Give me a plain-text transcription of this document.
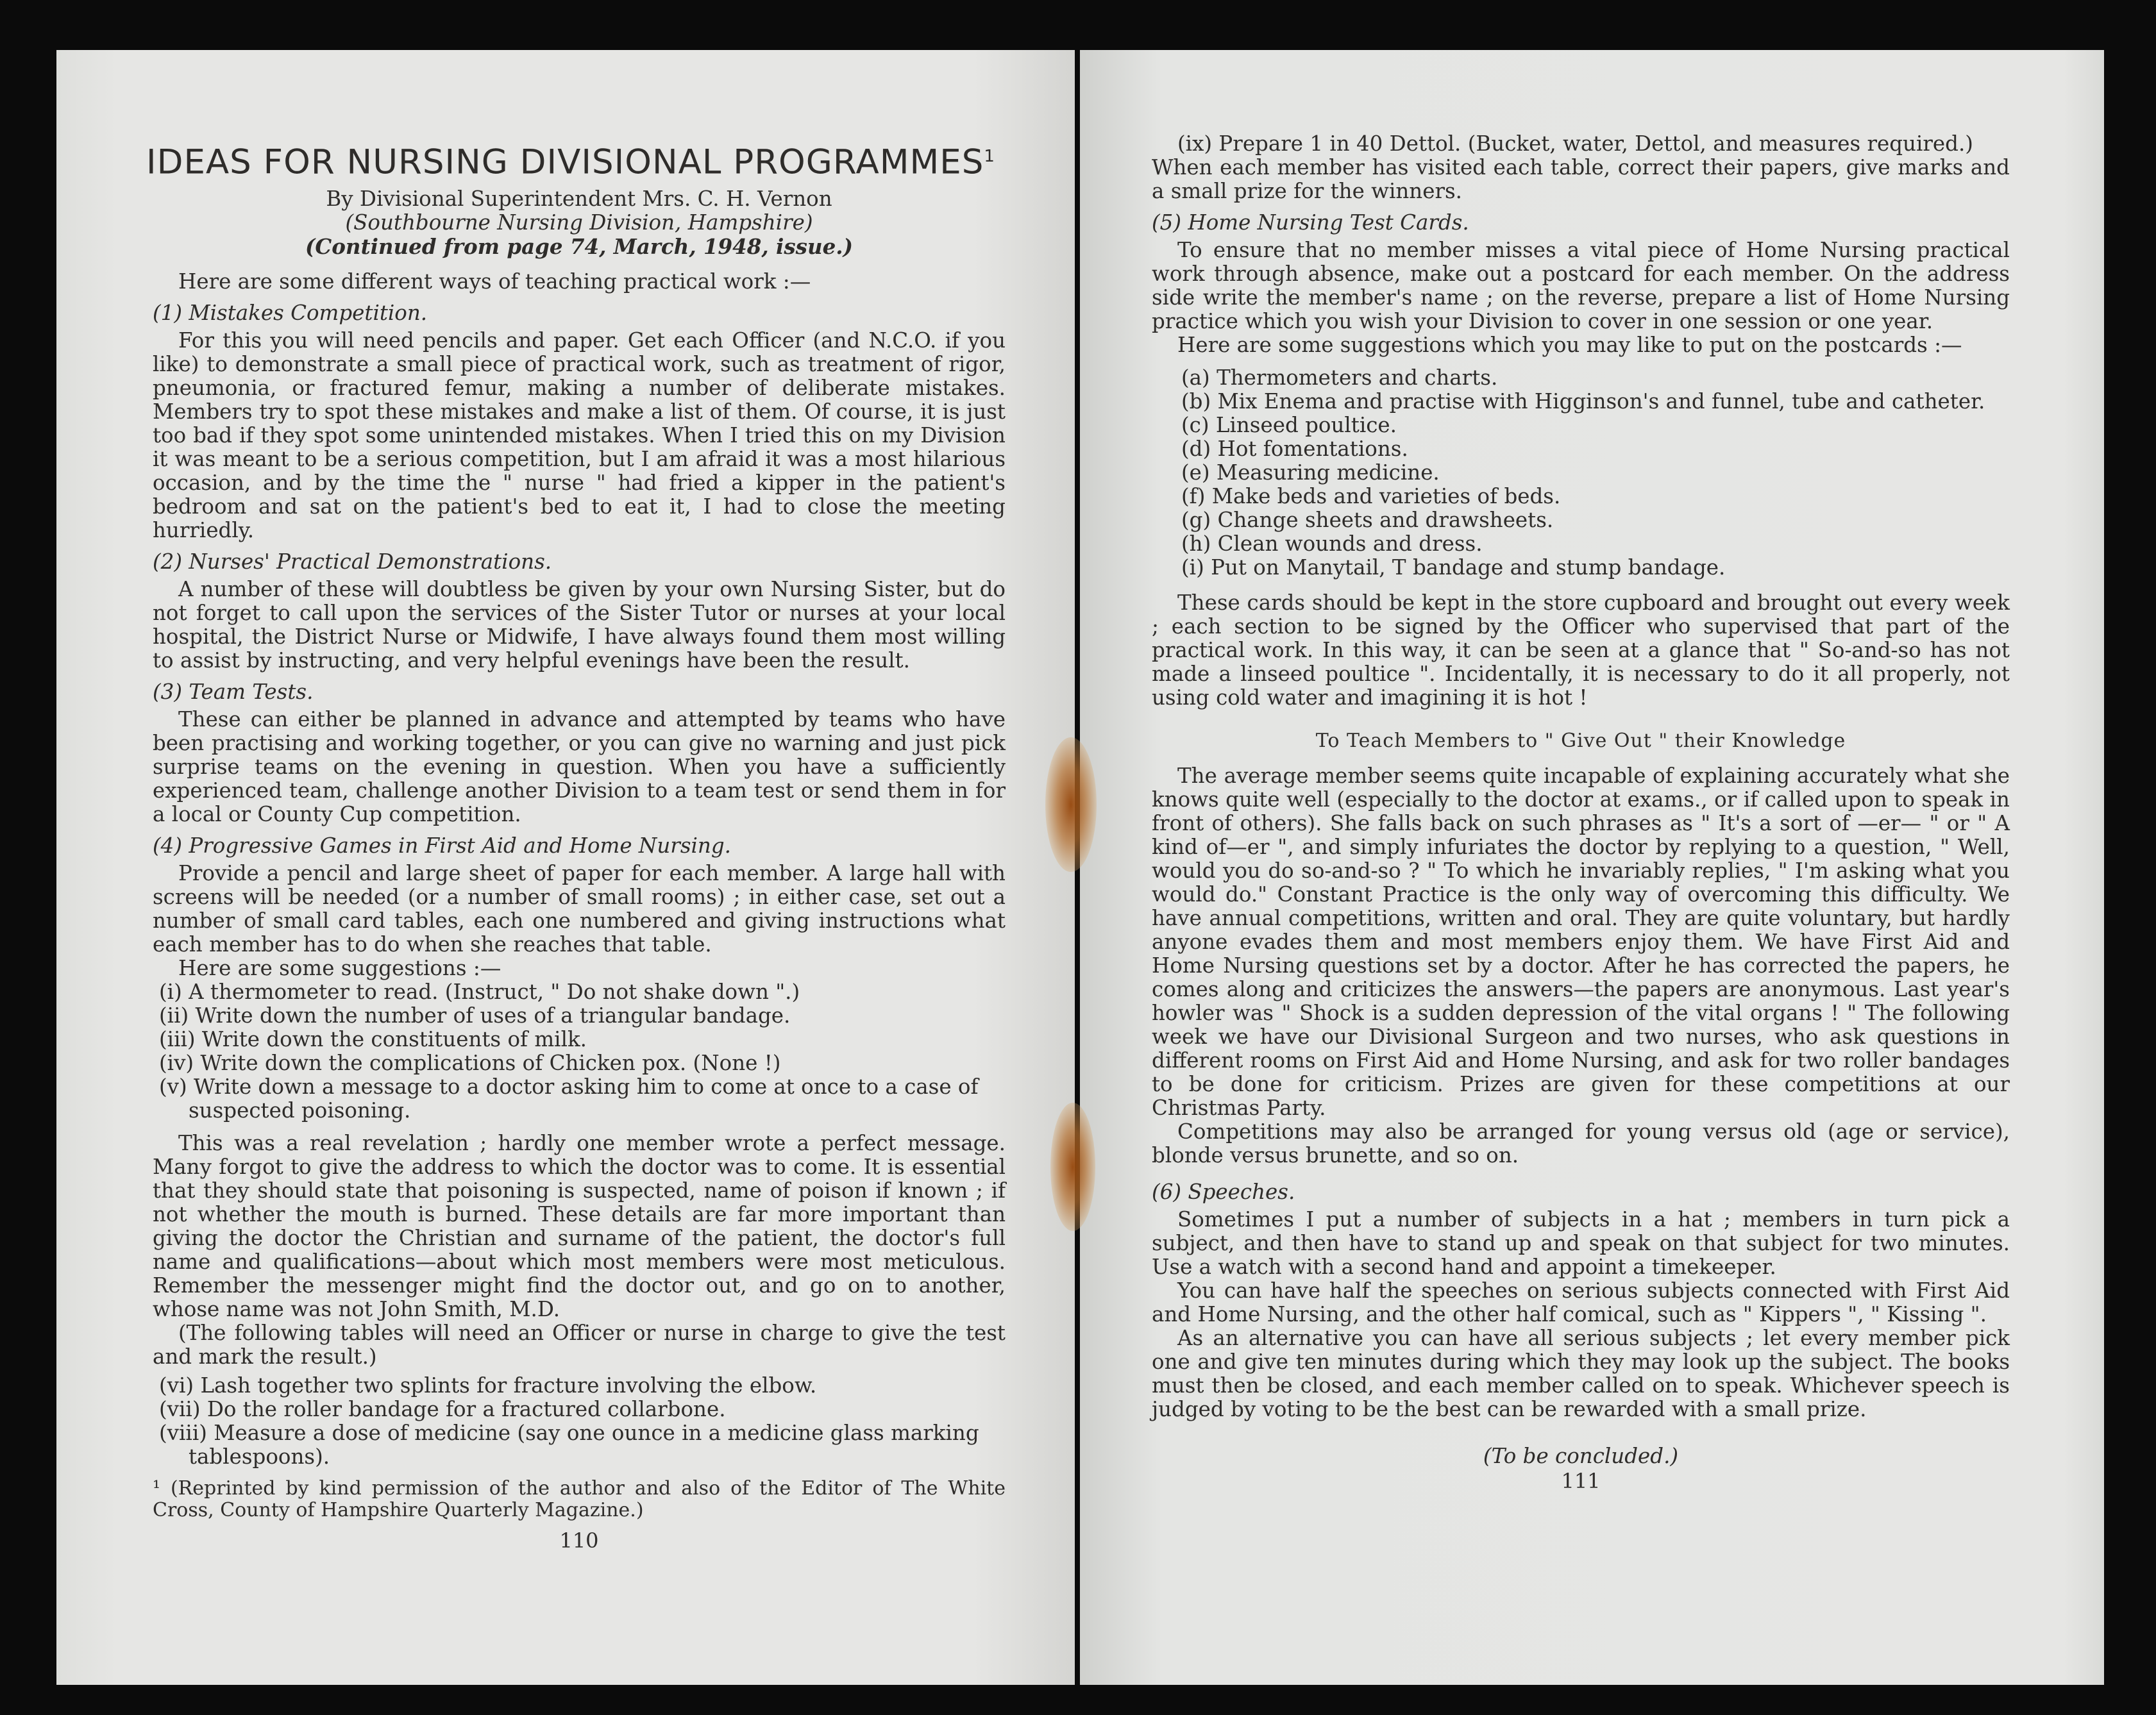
IDEAS FOR NURSING DIVISIONAL PROGRAMMES$^1$

By Divisional Superintendent Mrs. C. H. Vernon

(Southbourne Nursing Division, Hampshire)

(Continued from page 74, March, 1948, issue.)

Here are some different ways of teaching practical work :—

(1) Mistakes Competition.

For this you will need pencils and paper. Get each Officer (and N.C.O. if you like) to demonstrate a small piece of practical work, such as treatment of rigor, pneumonia, or fractured femur, making a number of deliberate mistakes. Members try to spot these mistakes and make a list of them. Of course, it is just too bad if they spot some unintended mistakes. When I tried this on my Division it was meant to be a serious competition, but I am afraid it was a most hilarious occasion, and by the time the " nurse " had fried a kipper in the patient's bedroom and sat on the patient's bed to eat it, I had to close the meeting hurriedly.

(2) Nurses' Practical Demonstrations.

A number of these will doubtless be given by your own Nursing Sister, but do not forget to call upon the services of the Sister Tutor or nurses at your local hospital, the District Nurse or Midwife, I have always found them most willing to assist by instructing, and very helpful evenings have been the result.

(3) Team Tests.

These can either be planned in advance and attempted by teams who have been practising and working together, or you can give no warning and just pick surprise teams on the evening in question. When you have a sufficiently experienced team, challenge another Division to a team test or send them in for a local or County Cup competition.

(4) Progressive Games in First Aid and Home Nursing.

Provide a pencil and large sheet of paper for each member. A large hall with screens will be needed (or a number of small rooms) ; in either case, set out a number of small card tables, each one numbered and giving instructions what each member has to do when she reaches that table.

Here are some suggestions :—

(i) A thermometer to read. (Instruct, " Do not shake down ".)

(ii) Write down the number of uses of a triangular bandage.

(iii) Write down the constituents of milk.

(iv) Write down the complications of Chicken pox. (None !)

(v) Write down a message to a doctor asking him to come at once to a case of suspected poisoning.

This was a real revelation ; hardly one member wrote a perfect message. Many forgot to give the address to which the doctor was to come. It is essential that they should state that poisoning is suspected, name of poison if known ; if not whether the mouth is burned. These details are far more important than giving the doctor the Christian and surname of the patient, the doctor's full name and qualifications—about which most members were most meticulous. Remember the messenger might find the doctor out, and go on to another, whose name was not John Smith, M.D.

(The following tables will need an Officer or nurse in charge to give the test and mark the result.)

(vi) Lash together two splints for fracture involving the elbow.

(vii) Do the roller bandage for a fractured collarbone.

(viii) Measure a dose of medicine (say one ounce in a medicine glass marking tablespoons).

¹ (Reprinted by kind permission of the author and also of the Editor of The White Cross, County of Hampshire Quarterly Magazine.)

110

(ix) Prepare 1 in 40 Dettol. (Bucket, water, Dettol, and measures required.)

When each member has visited each table, correct their papers, give marks and a small prize for the winners.

(5) Home Nursing Test Cards.

To ensure that no member misses a vital piece of Home Nursing practical work through absence, make out a postcard for each member. On the address side write the member's name ; on the reverse, prepare a list of Home Nursing practice which you wish your Division to cover in one session or one year.

Here are some suggestions which you may like to put on the postcards :—

(a) Thermometers and charts.

(b) Mix Enema and practise with Higginson's and funnel, tube and catheter.

(c) Linseed poultice.

(d) Hot fomentations.

(e) Measuring medicine.

(f) Make beds and varieties of beds.

(g) Change sheets and drawsheets.

(h) Clean wounds and dress.

(i) Put on Manytail, T bandage and stump bandage.

These cards should be kept in the store cupboard and brought out every week ; each section to be signed by the Officer who supervised that part of the practical work. In this way, it can be seen at a glance that " So-and-so has not made a linseed poultice ". Incidentally, it is necessary to do it all properly, not using cold water and imagining it is hot !

To Teach Members to " Give Out " their Knowledge

The average member seems quite incapable of explaining accurately what she knows quite well (especially to the doctor at exams., or if called upon to speak in front of others). She falls back on such phrases as " It's a sort of —er— " or " A kind of—er ", and simply infuriates the doctor by replying to a question, " Well, would you do so-and-so ? " To which he invariably replies, " I'm asking what you would do." Constant Practice is the only way of overcoming this difficulty. We have annual competitions, written and oral. They are quite voluntary, but hardly anyone evades them and most members enjoy them. We have First Aid and Home Nursing questions set by a doctor. After he has corrected the papers, he comes along and criticizes the answers—the papers are anonymous. Last year's howler was " Shock is a sudden depression of the vital organs ! " The following week we have our Divisional Surgeon and two nurses, who ask questions in different rooms on First Aid and Home Nursing, and ask for two roller bandages to be done for criticism. Prizes are given for these competitions at our Christmas Party.

Competitions may also be arranged for young versus old (age or service), blonde versus brunette, and so on.

(6) Speeches.

Sometimes I put a number of subjects in a hat ; members in turn pick a subject, and then have to stand up and speak on that subject for two minutes. Use a watch with a second hand and appoint a timekeeper.

You can have half the speeches on serious subjects connected with First Aid and Home Nursing, and the other half comical, such as " Kippers ", " Kissing ".

As an alternative you can have all serious subjects ; let every member pick one and give ten minutes during which they may look up the subject. The books must then be closed, and each member called on to speak. Whichever speech is judged by voting to be the best can be rewarded with a small prize.

(To be concluded.)

111
